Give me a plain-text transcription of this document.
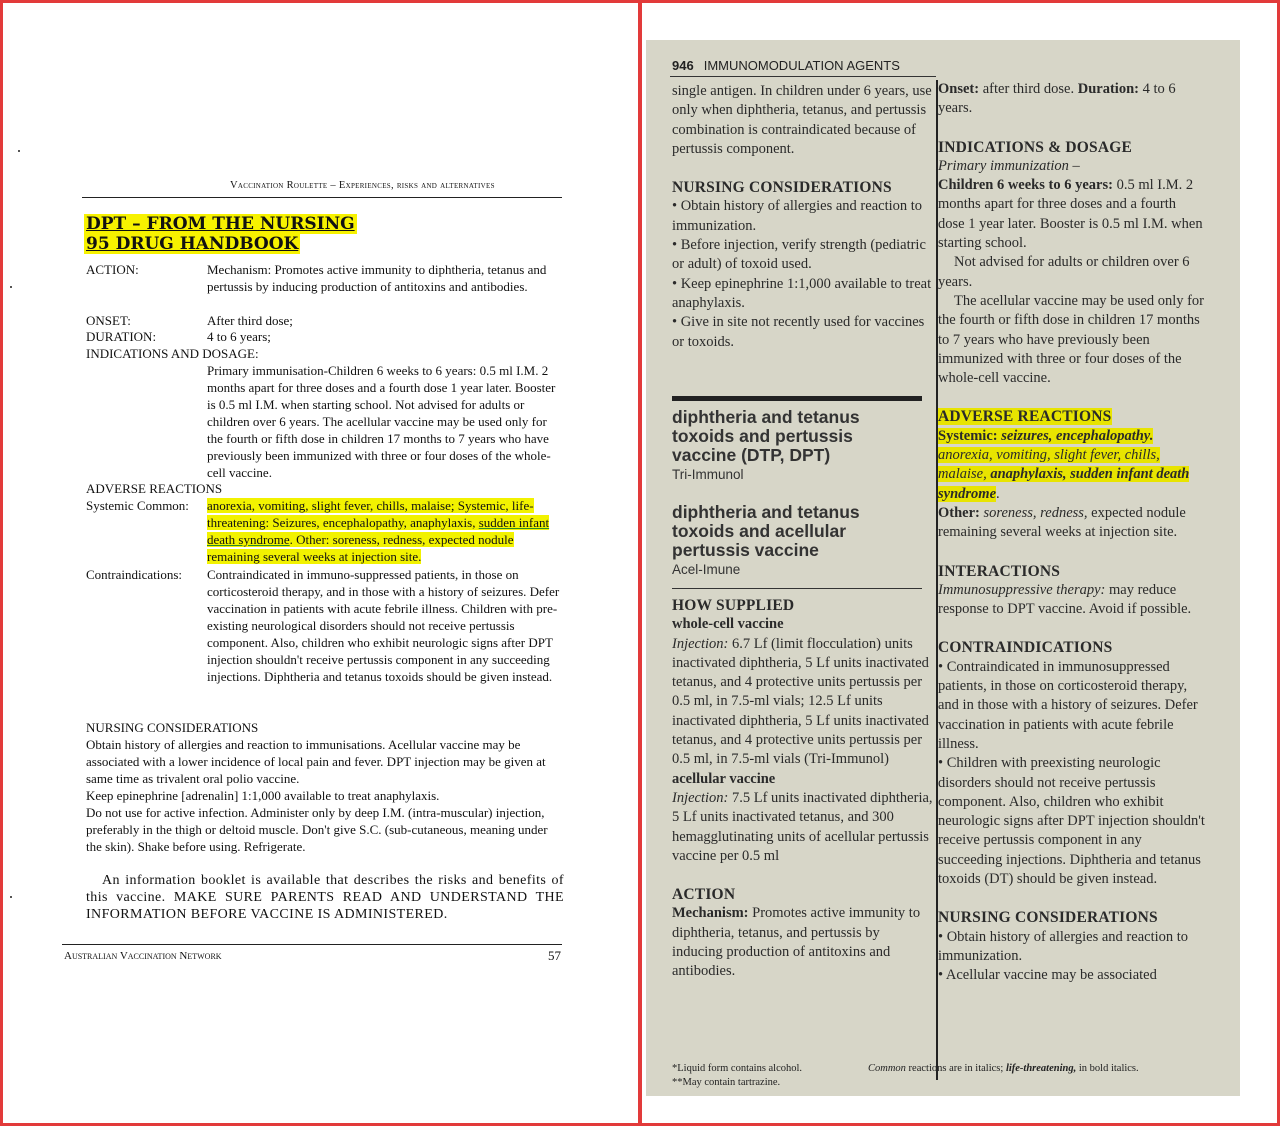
Vaccination Roulette – Experiences, risks and alternatives
DPT – FROM THE NURSING
95 DRUG HANDBOOK
ACTION:	Mechanism: Promotes active immunity to diphtheria, tetanus and pertussis by inducing production of antitoxins and antibodies.
ONSET:	After third dose;
DURATION:	4 to 6 years;
INDICATIONS AND DOSAGE:
Primary immunisation-Children 6 weeks to 6 years: 0.5 ml I.M. 2 months apart for three doses and a fourth dose 1 year later. Booster is 0.5 ml I.M. when starting school. Not advised for adults or children over 6 years. The acellular vaccine may be used only for the fourth or fifth dose in children 17 months to 7 years who have previously been immunized with three or four doses of the whole-cell vaccine.
ADVERSE REACTIONS
Systemic Common: anorexia, vomiting, slight fever, chills, malaise; Systemic, life-threatening: Seizures, encephalopathy, anaphylaxis, sudden infant death syndrome. Other: soreness, redness, expected nodule remaining several weeks at injection site.
Contraindications: Contraindicated in immuno-suppressed patients, in those on corticosteroid therapy, and in those with a history of seizures. Defer vaccination in patients with acute febrile illness. Children with pre-existing neurological disorders should not receive pertussis component. Also, children who exhibit neurologic signs after DPT injection shouldn't receive pertussis component in any succeeding injections. Diphtheria and tetanus toxoids should be given instead.

NURSING CONSIDERATIONS

Obtain history of allergies and reaction to immunisations. Acellular vaccine may be associated with a lower incidence of local pain and fever. DPT injection may be given at same time as trivalent oral polio vaccine.

Keep epinephrine [adrenalin] 1:1,000 available to treat anaphylaxis.

Do not use for active infection. Administer only by deep I.M. (intra-muscular) injection, preferably in the thigh or deltoid muscle. Don't give S.C. (sub-cutaneous, meaning under the skin). Shake before using. Refrigerate.

An information booklet is available that describes the risks and benefits of this vaccine. MAKE SURE PARENTS READ AND UNDERSTAND THE INFORMATION BEFORE VACCINE IS ADMINISTERED.
Australian Vaccination Network	57
946 IMMUNOMODULATION AGENTS

single antigen. In children under 6 years, use only when diphtheria, tetanus, and pertussis combination is contraindicated because of pertussis component.

NURSING CONSIDERATIONS

• Obtain history of allergies and reaction to immunization.

• Before injection, verify strength (pediatric or adult) of toxoid used.

• Keep epinephrine 1:1,000 available to treat anaphylaxis.

• Give in site not recently used for vaccines or toxoids.

diphtheria and tetanus toxoids and pertussis vaccine (DTP, DPT)
Tri-Immunol
diphtheria and tetanus toxoids and acellular pertussis vaccine
Acel-Imune

HOW SUPPLIED

whole-cell vaccine

Injection: 6.7 Lf (limit flocculation) units inactivated diphtheria, 5 Lf units inactivated tetanus, and 4 protective units pertussis per 0.5 ml, in 7.5-ml vials; 12.5 Lf units inactivated diphtheria, 5 Lf units inactivated tetanus, and 4 protective units pertussis per 0.5 ml, in 7.5-ml vials (Tri-Immunol)

acellular vaccine

Injection: 7.5 Lf units inactivated diphtheria, 5 Lf units inactivated tetanus, and 300 hemagglutinating units of acellular pertussis vaccine per 0.5 ml

ACTION

Mechanism: Promotes active immunity to diphtheria, tetanus, and pertussis by inducing production of antitoxins and antibodies.

Onset: after third dose. Duration: 4 to 6 years.

INDICATIONS & DOSAGE

Primary immunization –

Children 6 weeks to 6 years: 0.5 ml I.M. 2 months apart for three doses and a fourth dose 1 year later. Booster is 0.5 ml I.M. when starting school.

Not advised for adults or children over 6 years.

The acellular vaccine may be used only for the fourth or fifth dose in children 17 months to 7 years who have previously been immunized with three or four doses of the whole-cell vaccine.

ADVERSE REACTIONS

Systemic: seizures, encephalopathy. anorexia, vomiting, slight fever, chills, malaise, anaphylaxis, sudden infant death syndrome.

Other: soreness, redness, expected nodule remaining several weeks at injection site.

INTERACTIONS

Immunosuppressive therapy: may reduce response to DPT vaccine. Avoid if possible.

CONTRAINDICATIONS

• Contraindicated in immunosuppressed patients, in those on corticosteroid therapy, and in those with a history of seizures. Defer vaccination in patients with acute febrile illness.

• Children with preexisting neurologic disorders should not receive pertussis component. Also, children who exhibit neurologic signs after DPT injection shouldn't receive pertussis component in any succeeding injections. Diphtheria and tetanus toxoids (DT) should be given instead.

NURSING CONSIDERATIONS

• Obtain history of allergies and reaction to immunization.

• Acellular vaccine may be associated

*Liquid form contains alcohol.
**May contain tartrazine.
Common reactions are in italics; life-threatening, in bold italics.
